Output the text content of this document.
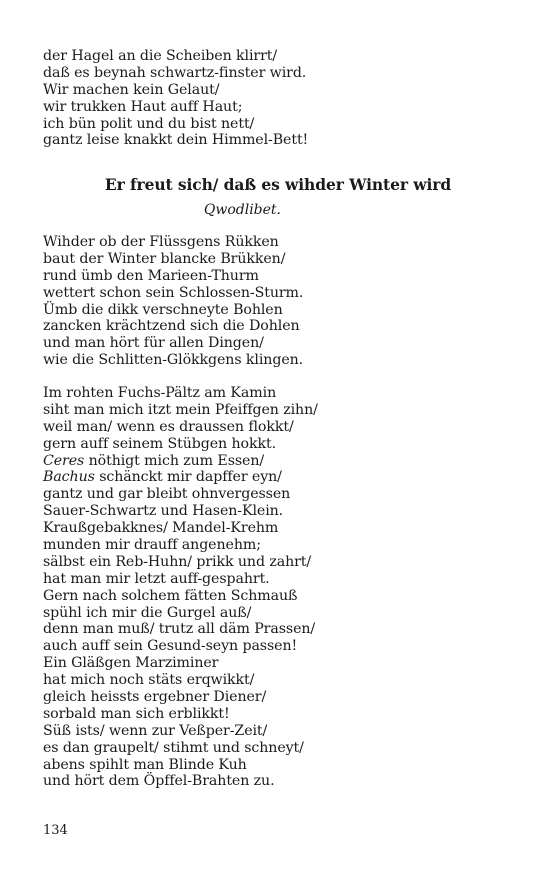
der Hagel an die Scheiben klirrt/
daß es beynah schwartz-finster wird.
Wir machen kein Gelaut/
wir trukken Haut auff Haut;
ich bün polit und du bist nett/
gantz leise knakkt dein Himmel-Bett!
Er freut sich/ daß es wihder Winter wird
Qwodlibet.
Wihder ob der Flüssgens Rükken
baut der Winter blancke Brükken/
rund ümb den Marieen-Thurm
wettert schon sein Schlossen-Sturm.
Ümb die dikk verschneyte Bohlen
zancken krächtzend sich die Dohlen
und man hört für allen Dingen/
wie die Schlitten-Glökkgens klingen.
Im rohten Fuchs-Pältz am Kamin
siht man mich itzt mein Pfeiffgen zihn/
weil man/ wenn es draussen flokkt/
gern auff seinem Stübgen hokkt.
Ceres nöthigt mich zum Essen/
Bachus schänckt mir dapffer eyn/
gantz und gar bleibt ohnvergessen
Sauer-Schwartz und Hasen-Klein.
Kraußgebakknes/ Mandel-Krehm
munden mir drauff angenehm;
sälbst ein Reb-Huhn/ prikk und zahrt/
hat man mir letzt auff-gespahrt.
Gern nach solchem fätten Schmauß
spühl ich mir die Gurgel auß/
denn man muß/ trutz all däm Prassen/
auch auff sein Gesund-seyn passen!
Ein Gläßgen Marziminer
hat mich noch stäts erqwikkt/
gleich heissts ergebner Diener/
sorbald man sich erblikkt!
Süß ists/ wenn zur Veßper-Zeit/
es dan graupelt/ stihmt und schneyt/
abens spihlt man Blinde Kuh
und hört dem Öpffel-Brahten zu.
134
